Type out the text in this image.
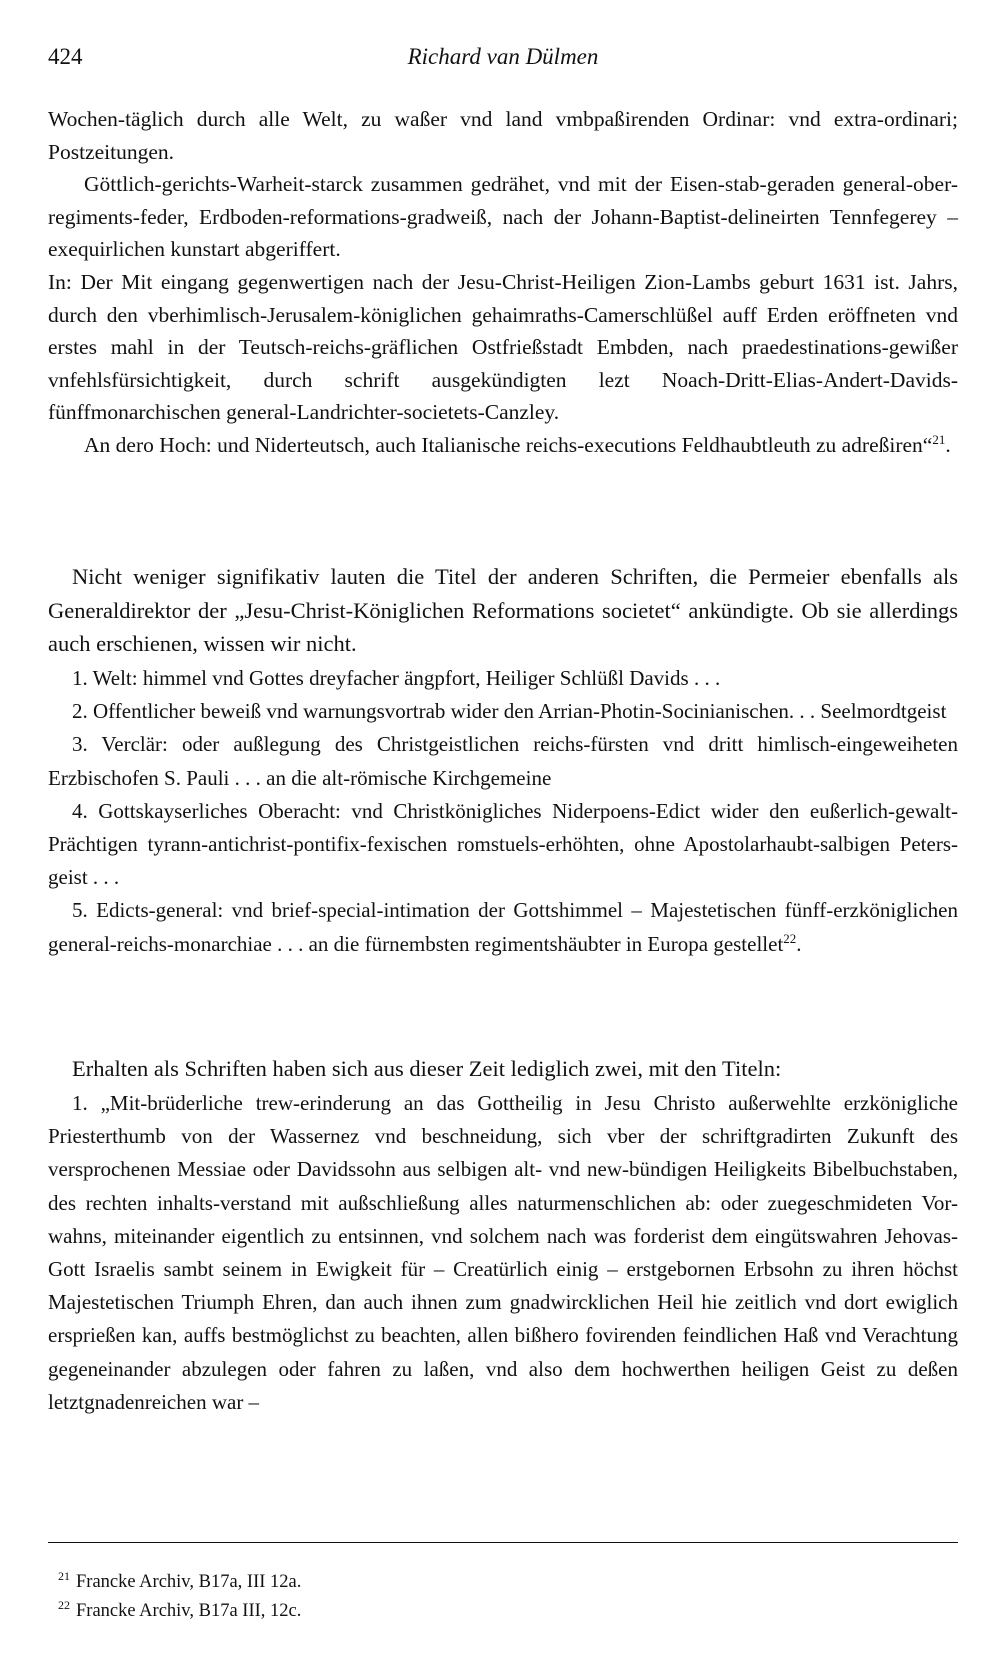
424	Richard van Dülmen

Wochen-täglich durch alle Welt, zu waßer vnd land vmbpaßirenden Ordinar: vnd extra-ordinari; Postzeitungen.

Göttlich-gerichts-Warheit-starck zusammen gedrähet, vnd mit der Eisen-stab-geraden general-ober-regiments-feder, Erdboden-reformations-gradweiß, nach der Johann-Baptist-delineirten Tennfegerey – exequirlichen kunstart abgeriffert.

In: Der Mit eingang gegenwertigen nach der Jesu-Christ-Heiligen Zion-Lambs geburt 1631 ist. Jahrs, durch den vberhimlisch-Jerusalem-königlichen gehaimraths-Camerschlüßel auff Erden eröffneten vnd erstes mahl in der Teutsch-reichs-gräflichen Ostfrießstadt Embden, nach praedestinations-gewißer vnfehlsfürsichtigkeit, durch schrift ausgekündigten lezt Noach-Dritt-Elias-Andert-Davids-fünffmonarchischen general-Landrichter-societets-Canzley.

An dero Hoch: und Niderteutsch, auch Italianische reichs-executions Feldhaubtleuth zu adreßiren“$^{21}$.

Nicht weniger signifikativ lauten die Titel der anderen Schriften, die Permeier ebenfalls als Generaldirektor der „Jesu-Christ-Königlichen Reformations societet“ ankündigte. Ob sie allerdings auch erschienen, wissen wir nicht.

1. Welt: himmel vnd Gottes dreyfacher ängpfort, Heiliger Schlüßl Davids . . .

2. Offentlicher beweiß vnd warnungsvortrab wider den Arrian-Photin-Socinianischen. . . Seelmordtgeist

3. Verclär: oder außlegung des Christgeistlichen reichs-fürsten vnd dritt himlisch-eingeweiheten Erzbischofen S. Pauli . . . an die alt-römische Kirchgemeine

4. Gottskayserliches Oberacht: vnd Christkönigliches Niderpoens-Edict wider den eußerlich-gewalt-Prächtigen tyrann-antichrist-pontifix-fexischen romstuels-erhöhten, ohne Apostolarhaubt-salbigen Peters-geist . . .

5. Edicts-general: vnd brief-special-intimation der Gottshimmel – Majestetischen fünff-erzköniglichen general-reichs-monarchiae . . . an die fürnembsten regimentshäubter in Europa gestellet$^{22}$.

Erhalten als Schriften haben sich aus dieser Zeit lediglich zwei, mit den Titeln:

1. „Mit-brüderliche trew-erinderung an das Gottheilig in Jesu Christo außerwehlte erzkönigliche Priesterthumb von der Wassernez vnd beschneidung, sich vber der schriftgradirten Zukunft des versprochenen Messiae oder Davidssohn aus selbigen alt- vnd new-bündigen Heiligkeits Bibelbuchstaben, des rechten inhalts-verstand mit außschließung alles naturmenschlichen ab: oder zuegeschmideten Vor-wahns, miteinander eigentlich zu entsinnen, vnd solchem nach was forderist dem eingütswahren Jehovas-Gott Israelis sambt seinem in Ewigkeit für – Creatürlich einig – erstgebornen Erbsohn zu ihren höchst Majestetischen Triumph Ehren, dan auch ihnen zum gnadwircklichen Heil hie zeitlich vnd dort ewiglich ersprießen kan, auffs bestmöglichst zu beachten, allen bißhero fovirenden feindlichen Haß vnd Verachtung gegeneinander abzulegen oder fahren zu laßen, vnd also dem hochwerthen heiligen Geist zu deßen letztgnadenreichen war –

$^{21}$ Francke Archiv, B17a, III 12a.

$^{22}$ Francke Archiv, B17a III, 12c.
